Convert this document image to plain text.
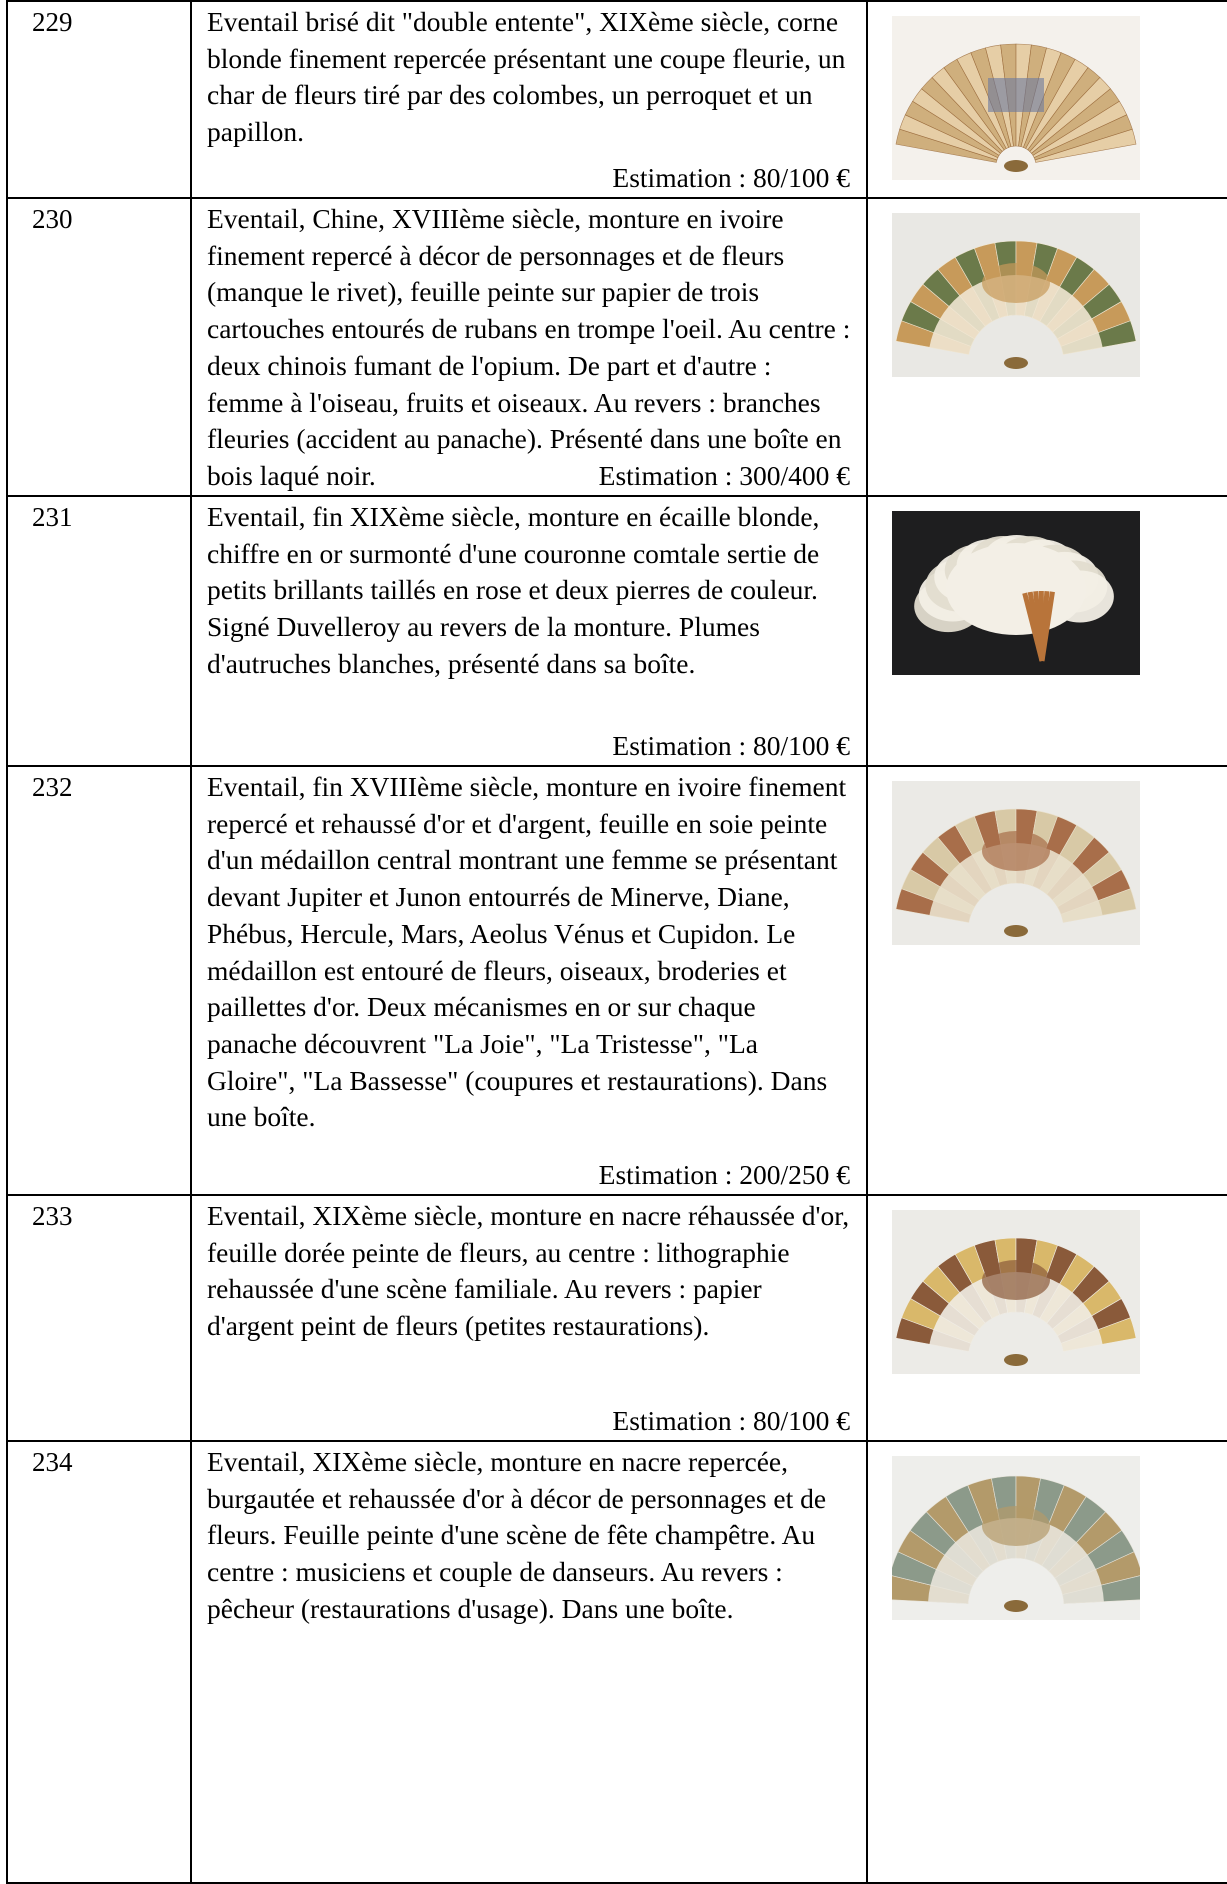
229	Eventail brisé dit "double entente", XIXème siècle, corne blonde finement repercée présentant une coupe fleurie, un char de fleurs tiré par des colombes, un perroquet et un papillon.
Estimation : 80/100 €

230	Eventail, Chine, XVIIIème siècle, monture en ivoire finement repercé à décor de personnages et de fleurs (manque le rivet), feuille peinte sur papier de trois cartouches entourés de rubans en trompe l'oeil. Au centre : deux chinois fumant de l'opium. De part et d'autre : femme à l'oiseau, fruits et oiseaux. Au revers : branches fleuries (accident au panache). Présenté dans une boîte en bois laqué noir. Estimation : 300/400 €

231	Eventail, fin XIXème siècle, monture en écaille blonde, chiffre en or surmonté d'une couronne comtale sertie de petits brillants taillés en rose et deux pierres de couleur. Signé Duvelleroy au revers de la monture. Plumes d'autruches blanches, présenté dans sa boîte.
Estimation : 80/100 €

232	Eventail, fin XVIIIème siècle, monture en ivoire finement repercé et rehaussé d'or et d'argent, feuille en soie peinte d'un médaillon central montrant une femme se présentant devant Jupiter et Junon entourrés de Minerve, Diane, Phébus, Hercule, Mars, Aeolus Vénus et Cupidon. Le médaillon est entouré de fleurs, oiseaux, broderies et paillettes d'or. Deux mécanismes en or sur chaque panache découvrent "La Joie", "La Tristesse", "La Gloire", "La Bassesse" (coupures et restaurations). Dans une boîte.
Estimation : 200/250 €

233	Eventail, XIXème siècle, monture en nacre réhaussée d'or, feuille dorée peinte de fleurs, au centre : lithographie rehaussée d'une scène familiale. Au revers : papier d'argent peint de fleurs (petites restaurations).
Estimation : 80/100 €

234	Eventail, XIXème siècle, monture en nacre repercée, burgautée et rehaussée d'or à décor de personnages et de fleurs. Feuille peinte d'une scène de fête champêtre. Au centre : musiciens et couple de danseurs. Au revers : pêcheur (restaurations d'usage). Dans une boîte.
